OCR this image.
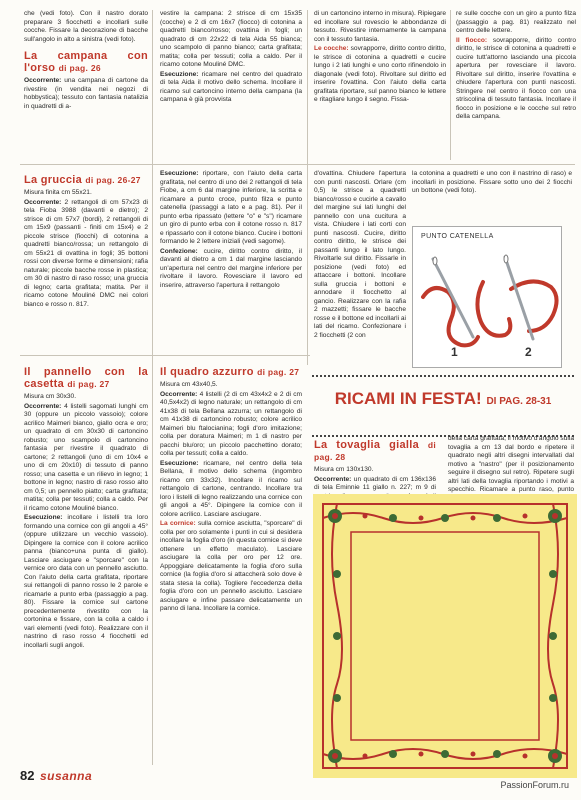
che (vedi foto). Con il nastro dorato preparare 3 fiocchetti e incollarli sulle cocche. Fissare la decorazione di bacche sull'angolo in alto a sinistra (vedi foto).

La campana con l'orso di pag. 26

Occorrente: una campana di cartone da rivestire (in vendita nei negozi di hobbystica); tessuto con fantasia natalizia in quadretti di a-

La gruccia di pag. 26-27

Misura finita cm 55x21.

Occorrente: 2 rettangoli di cm 57x23 di tela Fioba 3988 (davanti e dietro); 2 strisce di cm 57x7 (bordi), 2 rettangoli di cm 15x9 (passanti - finiti cm 15x4) e 2 piccole strisce (fiocchi) di cotonina a quadretti bianco/rossa; un rettangolo di cm 55x21 di ovattina in fogli; 35 bottoni rossi con diverse forme e dimensioni; rafia naturale; piccole bacche rosse in plastica; cm 30 di nastro di raso rosso; una gruccia di legno; carta grafitata; matita. Per il ricamo cotone Mouliné DMC nei colori bianco e rosso n. 817.

Il pannello con la casetta di pag. 27

Misura cm 30x30.

Occorrente: 4 listelli sagomati lunghi cm 30 (oppure un piccolo vassoio); colore acrilico Maimeri bianco, giallo ocra e oro; un quadrato di cm 30x30 di cartoncino robusto; uno scampolo di cartoncino fantasia per rivestire il quadrato di cartone; 2 rettangoli (uno di cm 10x4 e uno di cm 20x10) di tessuto di panno rosso; una casetta e un rilievo in legno; 1 bottone in legno; nastro di raso rosso alto cm 0,5; un pennello piatto; carta grafitata; matita; colla per tessuti; colla a caldo. Per il ricamo cotone Mouliné bianco.

Esecuzione: incollare i listelli tra loro formando una cornice con gli angoli a 45° (oppure utilizzare un vecchio vassoio). Dipingere la cornice con il colore acrilico panna (bianco+una punta di giallo). Lasciare asciugare e "sporcare" con la vernice oro data con un pennello asciutto. Con l'aiuto della carta grafitata, riportare sui rettangoli di panno rosso le 2 parole e ricamarle a punto erba (passaggio a pag. 80). Fissare la cornice sul cartone precedentemente rivestito con la cortonina e fissare, con la colla a caldo i vari elementi (vedi foto). Realizzare con il nastrino di raso rosso 4 fiocchetti ed incollarli sugli angoli.

vestire la campana: 2 strisce di cm 15x35 (cocche) e 2 di cm 16x7 (fiocco) di cotonina a quadretti bianco/rosso; ovattina in fogli; un quadrato di cm 22x22 di tela Aida 55 bianca; uno scampolo di panno bianco; carta grafitata; matita; colla per tessuti; colla a caldo. Per il ricamo cotone Mouliné DMC.

Esecuzione: ricamare nel centro del quadrato di tela Aida il motivo dello schema. Incollare il ricamo sul cartoncino interno della campana (la campana è già provvista

Esecuzione: riportare, con l'aiuto della carta grafitata, nel centro di uno dei 2 rettangoli di tela Fiobe, a cm 6 dal margine inferiore, la scritta e ricamare a punto croce, punto filza e punto catenella (passaggi a lato e a pag. 81). Per il punto erba ripassato (lettere "o" e "s") ricamare un giro di punto erba con il cotone rosso n. 817 e ripassarlo con il cotone bianco. Cucire i bottoni formando le 2 lettere iniziali (vedi sagome).

Confezione: cucire, diritto contro diritto, il davanti al dietro a cm 1 dal margine lasciando un'apertura nel centro del margine inferiore per rivoltare il lavoro. Rovesciare il lavoro ed inserire, attraverso l'apertura il rettangolo

Il quadro azzurro di pag. 27

Misura cm 43x40,5.

Occorrente: 4 listelli (2 di cm 43x4x2 e 2 di cm 40,5x4x2) di legno naturale; un rettangolo di cm 41x38 di tela Bellana azzurra; un rettangolo di cm 41x38 di cartoncino robusto; colore acrilico Maimeri blu ftalocianina; fogli d'oro imitazione; colla per doratura Maimeri; m 1 di nastro per pacchi blu/oro; un piccolo pacchettino dorato; colla per tessuti; colla a caldo.

Esecuzione: ricamare, nel centro della tela Bellana, il motivo dello schema (ingombro ricamo cm 33x32). Incollare il ricamo sul rettangolo di cartone, centrando. Incollare tra loro i listelli di legno realizzando una cornice con gli angoli a 45°. Dipingere la cornice con il colore acrilico. Lasciare asciugare.

La cornice: sulla cornice asciutta, "sporcare" di colla per oro solamente i punti in cui si desidera incollare la foglia d'oro (in questa cornice si deve ottenere un effetto maculato). Lasciare asciugare la colla per oro per 12 ore. Appoggiare delicatamente la foglia d'oro sulla cornice (la foglia d'oro si attaccherà solo dove è stata stesa la colla). Togliere l'eccedenza della foglia d'oro con un pennello asciutto. Lasciare asciugare e infine passare delicatamente un panno di lana. Incollare la cornice.

di un cartoncino interno in misura). Ripiegare ed incollare sul rovescio le abbondanze di tessuto. Rivestire internamente la campana con il tessuto fantasia.

Le cocche: sovrapporre, diritto contro diritto, le strisce di cotonina a quadretti e cucire lungo i 2 lati lunghi e uno corto rifinendolo in diagonale (vedi foto). Rivoltare sul diritto ed inserire l'ovattina. Con l'aiuto della carta grafitata riportare, sul panno bianco le lettere e ritagliare lungo il segno. Fissa-

d'ovattina. Chiudere l'apertura con punti nascosti. Orlare (cm 0,5) le strisce a quadretti bianco/rosso e cucirle a cavallo del margine sui lati lunghi del pannello con una cucitura a vista. Chiudere i lati corti con punti nascosti. Cucire, diritto contro diritto, le strisce dei passanti lungo il lato lungo. Rivoltarle sul diritto. Fissarle in posizione (vedi foto) ed attaccare i bottoni. Incollare sulla gruccia i bottoni e annodare il fiocchetto al gancio. Realizzare con la rafia 2 mazzetti; fissare le bacche rosse e il bottone ed incollarli ai lati del ricamo. Confezionare i 2 fiocchetti (2 con

re sulle cocche con un giro a punto filza (passaggio a pag. 81) realizzato nel centro delle lettere.

Il fiocco: sovrapporre, diritto contro diritto, le strisce di cotonina a quadretti e cucire tutt'attorno lasciando una piccola apertura per rovesciare il lavoro. Rivoltare sul diritto, inserire l'ovattina e chiudere l'apertura con punti nascosti. Stringere nel centro il fiocco con una striscolina di tessuto fantasia. Incollare il fiocco in posizione e le cocche sul retro della campana.

la cotonina a quadretti e uno con il nastrino di raso) e incollarli in posizione. Fissare sotto uno dei 2 fiocchi un bottone (vedi foto).

PUNTO CATENELLA
1	2
RICAMI IN FESTA! DI PAG. 28-31
La tovaglia gialla di pag. 28

Misura cm 130x130.

Occorrente: un quadrato di cm 136x136 di tela Eminnie 11 giallo n. 227; m 9 di

della carta grafitata, il motivo d'angolo sulla tovaglia a cm 13 dal bordo e ripetere il quadrato negli altri disegni intervallati dal motivo a "nastro" (per il posizionamento seguire il disegno sul retro). Ripetere sugli altri lati della tovaglia riportando i motivi a specchio. Ricamare a punto raso, punto

82 susanna
PassionForum.ru
